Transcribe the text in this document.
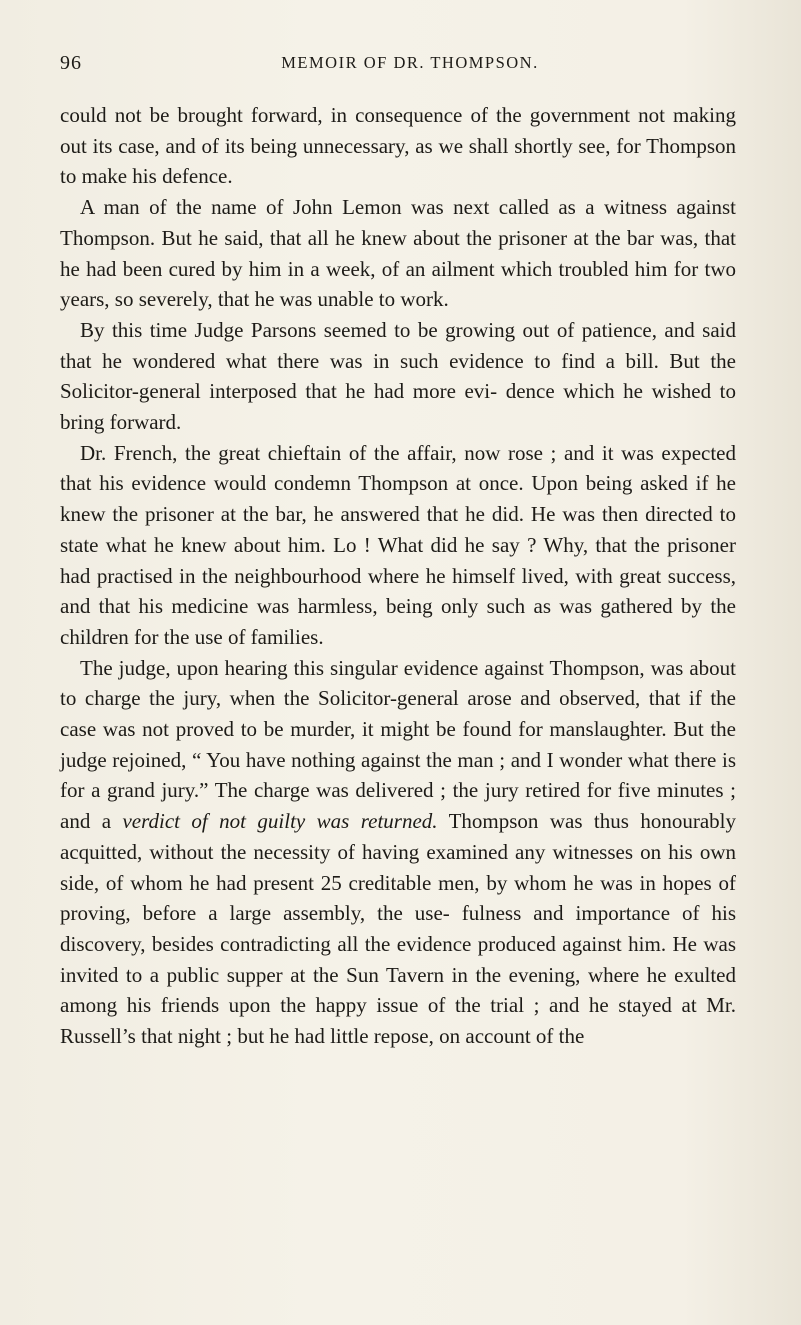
96	MEMOIR OF DR. THOMPSON.

could not be brought forward, in consequence of the government not making out its case, and of its being unnecessary, as we shall shortly see, for Thompson to make his defence.

A man of the name of John Lemon was next called as a witness against Thompson. But he said, that all he knew about the prisoner at the bar was, that he had been cured by him in a week, of an ailment which troubled him for two years, so severely, that he was unable to work.

By this time Judge Parsons seemed to be growing out of patience, and said that he wondered what there was in such evidence to find a bill. But the Solicitor-general interposed that he had more evi- dence which he wished to bring forward.

Dr. French, the great chieftain of the affair, now rose ; and it was expected that his evidence would condemn Thompson at once. Upon being asked if he knew the prisoner at the bar, he answered that he did. He was then directed to state what he knew about him. Lo ! What did he say ? Why, that the prisoner had practised in the neighbourhood where he himself lived, with great success, and that his medicine was harmless, being only such as was gathered by the children for the use of families.

The judge, upon hearing this singular evidence against Thompson, was about to charge the jury, when the Solicitor-general arose and observed, that if the case was not proved to be murder, it might be found for manslaughter. But the judge rejoined, “ You have nothing against the man ; and I wonder what there is for a grand jury.” The charge was delivered ; the jury retired for five minutes ; and a verdict of not guilty was returned. Thompson was thus honourably acquitted, without the necessity of having examined any witnesses on his own side, of whom he had present 25 creditable men, by whom he was in hopes of proving, before a large assembly, the use- fulness and importance of his discovery, besides contradicting all the evidence produced against him. He was invited to a public supper at the Sun Tavern in the evening, where he exulted among his friends upon the happy issue of the trial ; and he stayed at Mr. Russell’s that night ; but he had little repose, on account of the
